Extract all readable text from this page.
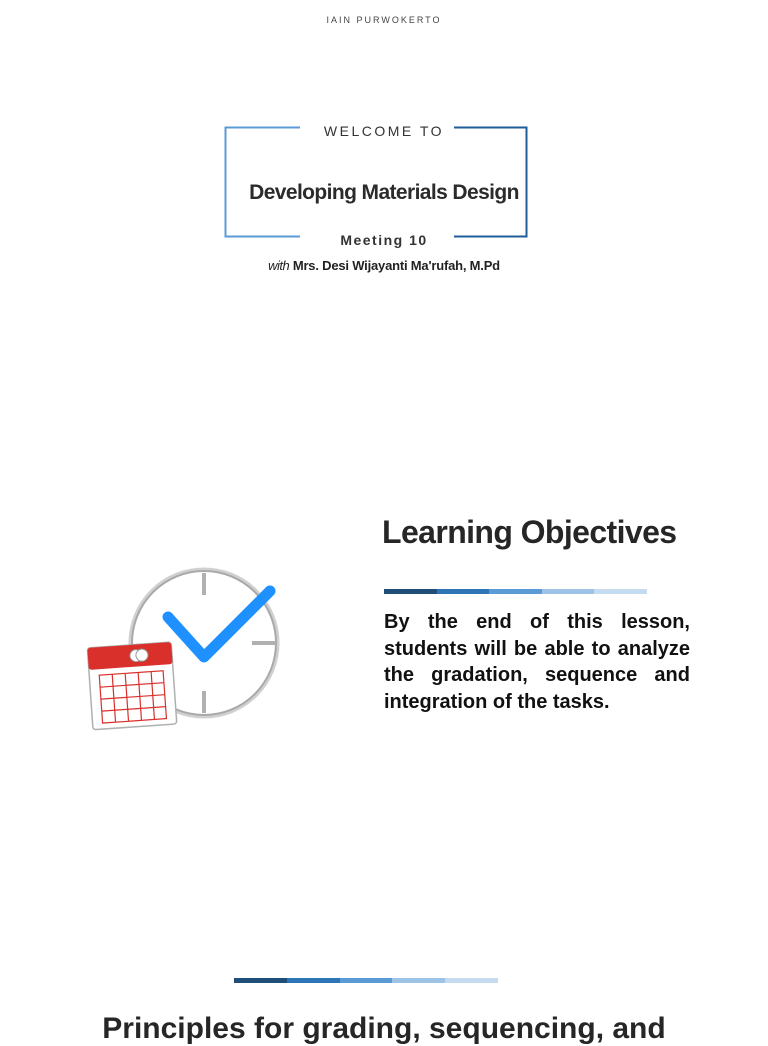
IAIN PURWOKERTO
WELCOME TO
Developing Materials Design
Meeting 10
with Mrs. Desi Wijayanti Ma'rufah, M.Pd
Learning Objectives
By the end of this lesson, students will be able to analyze the gradation, sequence and integration of the tasks.
Principles for grading, sequencing, and
